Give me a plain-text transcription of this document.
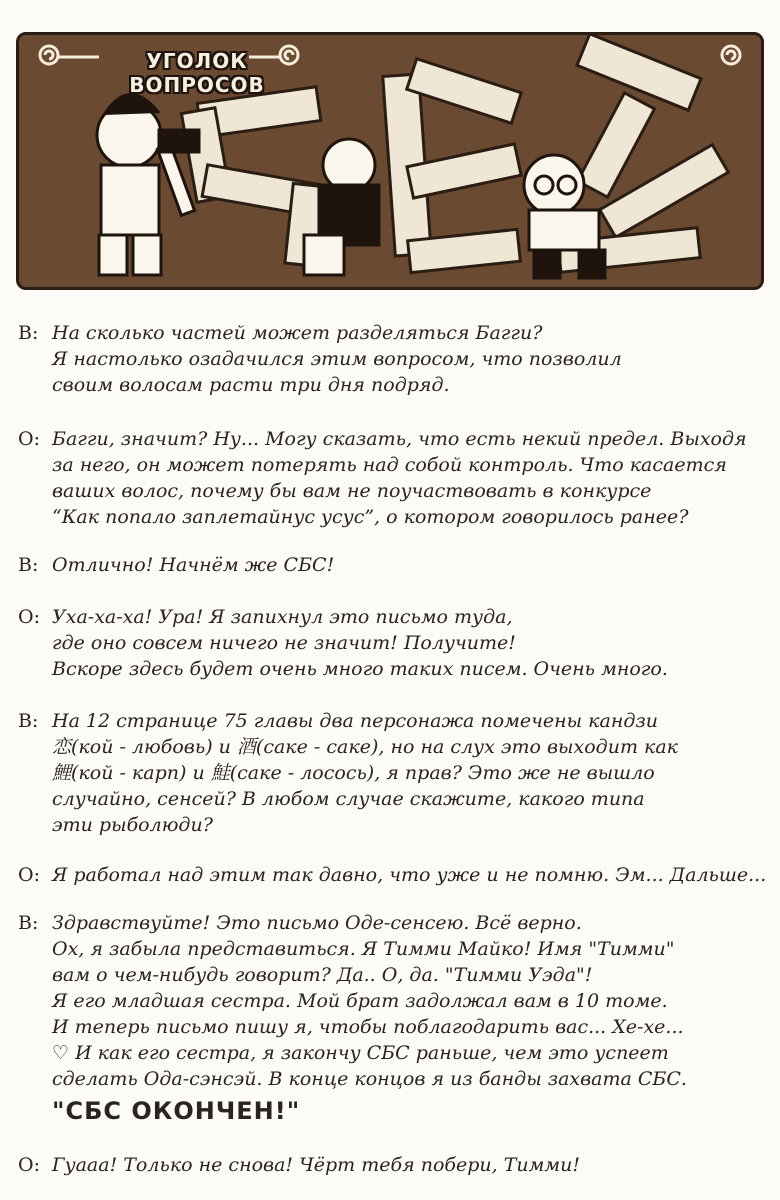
УГОЛОК
ВОПРОСОВ
В: На сколько частей может разделяться Багги?
Я настолько озадачился этим вопросом, что позволил
своим волосам расти три дня подряд.
О: Багги, значит? Ну... Могу сказать, что есть некий предел. Выходя
за него, он может потерять над собой контроль. Что касается
ваших волос, почему бы вам не поучаствовать в конкурсе
“Как попало заплетайнус усус”, о котором говорилось ранее?
В: Отлично! Начнём же СБС!
О: Уха-ха-ха! Ура! Я запихнул это письмо туда,
где оно совсем ничего не значит! Получите!
Вскоре здесь будет очень много таких писем. Очень много.
В: На 12 странице 75 главы два персонажа помечены кандзи
恋(кой - любовь) и 酒(саке - саке), но на слух это выходит как
鯉(кой - карп) и 鮭(саке - лосось), я прав? Это же не вышло
случайно, сенсей? В любом случае скажите, какого типа
эти рыболюди?
О: Я работал над этим так давно, что уже и не помню. Эм... Дальше...
В: Здравствуйте! Это письмо Оде-сенсею. Всё верно.
Ох, я забыла представиться. Я Тимми Майко! Имя "Тимми"
вам о чем-нибудь говорит? Да.. О, да. "Тимми Уэда"!
Я его младшая сестра. Мой брат задолжал вам в 10 томе.
И теперь письмо пишу я, чтобы поблагодарить вас... Хе-хе...
♡ И как его сестра, я закончу СБС раньше, чем это успеет
сделать Ода-сэнсэй. В конце концов я из банды захвата СБС.
"СБС ОКОНЧЕН!"
О: Гуааа! Только не снова! Чёрт тебя побери, Тимми!
